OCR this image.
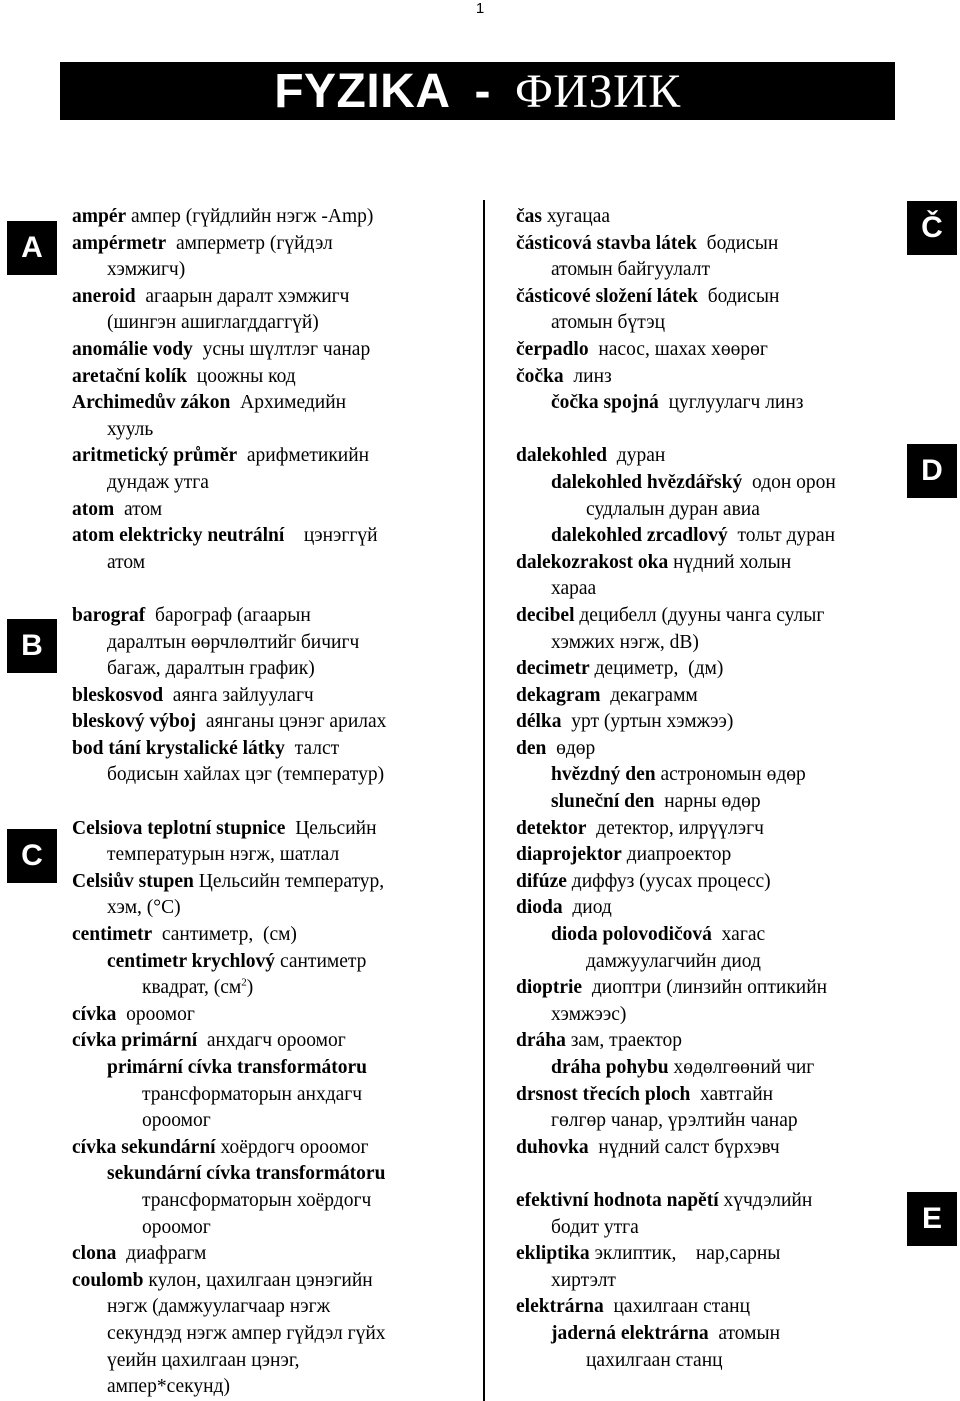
1
FYZIKA - ФИЗИК
A
B
C
Č
D
E
ampér ампер (гүйдлийн нэгж -Amp)
ampérmetr  амперметр (гүйдэл
хэмжигч)
aneroid  агаарын даралт хэмжигч
(шингэн ашиглагддаггүй)
anomálie vody  усны шүлтлэг чанар
aretační kolík  цоожны код
Archimedův zákon  Архимедийн
хууль
aritmetický průměr  арифметикийн
дундаж утга
atom  атом
atom elektricky neutrální    цэнэггүй
атом
barograf  барограф (агаарын
даралтын өөрчлөлтийг бичигч
багаж, даралтын график)
bleskosvod  аянга зайлуулагч
bleskový výboj  аянганы цэнэг арилах
bod tání krystalické látky  талст
бодисын хайлах цэг (температур)
Celsiova teplotní stupnice  Цельсийн
температурын нэгж, шатлал
Celsiův stupen Цельсийн температур,
хэм, (°C)
centimetr  сантиметр,  (см)
centimetr krychlový сантиметр
квадрат, $(см^2)$
cívka  ороомог
cívka primární  анхдагч ороомог
primární cívka transformátoru
трансформаторын анхдагч
ороомог
cívka sekundární хоёрдогч ороомог
sekundární cívka transformátoru
трансформаторын хоёрдогч
ороомог
clona  диафрагм
coulomb кулон, цахилгаан цэнэгийн
нэгж (дамжуулагчаар нэгж
секундэд нэгж ампер гүйдэл гүйх
үеийн цахилгаан цэнэг,
ампер*секунд)
čas хугацаа
částicová stavba látek  бодисын
атомын байгуулалт
částicové složení látek  бодисын
атомын бүтэц
čerpadlo  насос, шахах хөөрөг
čočka  линз
čočka spojná  цуглуулагч линз
dalekohled  дуран
dalekohled hvězdářský  одон орон
судлалын дуран авиа
dalekohled zrcadlový  тольт дуран
dalekozrakost oka нүдний холын
хараа
decibel децибелл (дууны чанга сулыг
хэмжих нэгж, dB)
decimetr дециметр,  (дм)
dekagram  декаграмм
délka  урт (уртын хэмжээ)
den  өдөр
hvězdný den астрономын өдөр
sluneční den  нарны өдөр
detektor  детектор, илрүүлэгч
diaprojektor диапроектор
difúze диффуз (уусах процесс)
dioda  диод
dioda polovodičová  хагас
дамжуулагчийн диод
dioptrie  диоптри (линзийн оптикийн
хэмжээс)
dráha зам, траектор
dráha pohybu хөдөлгөөний чиг
drsnost třecích ploch  хавтгайн
гөлгөр чанар, үрэлтийн чанар
duhovka  нүдний салст бүрхэвч
efektivní hodnota napětí хүчдэлийн
бодит утга
ekliptika эклиптик,    нар,сарны
хиртэлт
elektrárna  цахилгаан станц
jaderná elektrárna  атомын
цахилгаан станц
